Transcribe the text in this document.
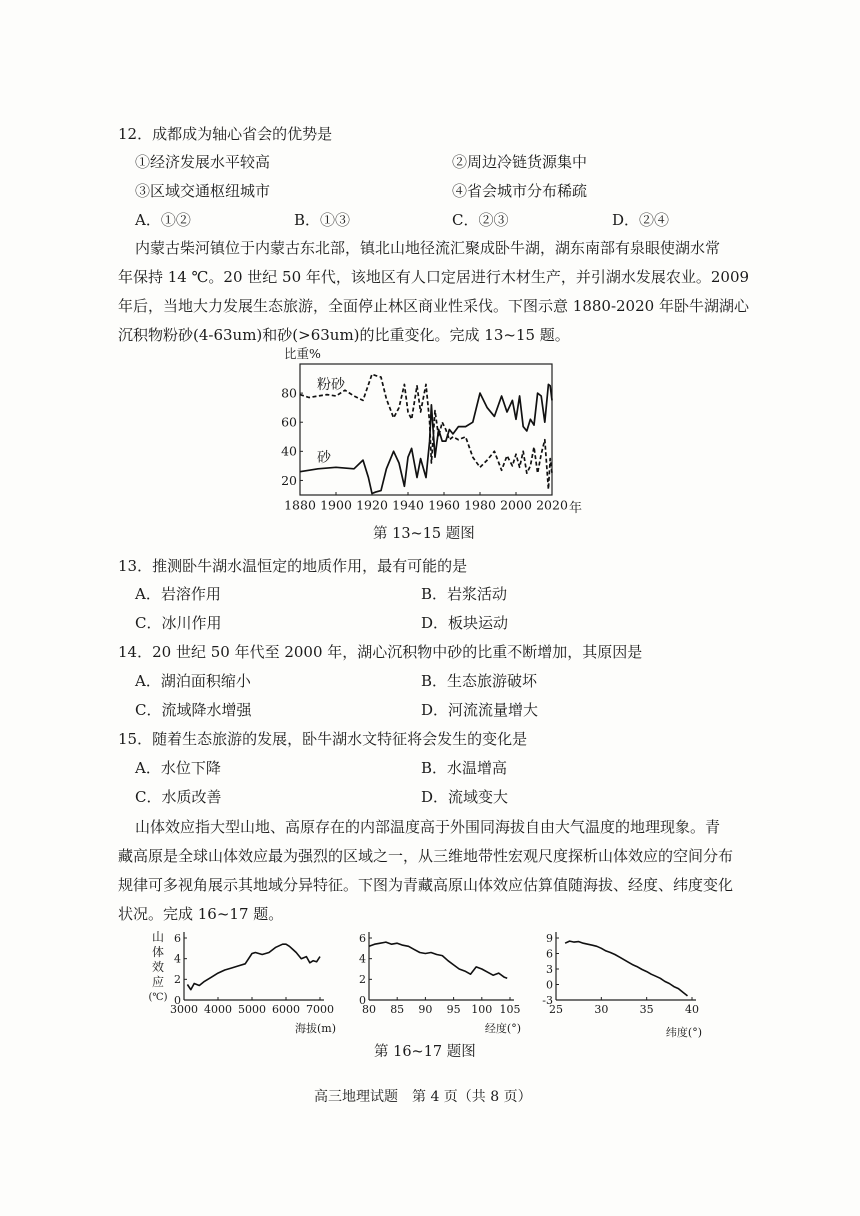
12．成都成为轴心省会的优势是
①经济发展水平较高	②周边冷链货源集中
③区域交通枢纽城市	④省会城市分布稀疏
A．①②	B．①③	C．②③	D．②④
内蒙古柴河镇位于内蒙古东北部，镇北山地径流汇聚成卧牛湖，湖东南部有泉眼使湖水常
年保持 14 ℃。20 世纪 50 年代，该地区有人口定居进行木材生产，并引湖水发展农业。2009
年后，当地大力发展生态旅游，全面停止林区商业性采伐。下图示意 1880-2020 年卧牛湖湖心
沉积物粉砂(4-63um)和砂(>63um)的比重变化。完成 13~15 题。
1880 1900 1920 1940 1960 1980 2000 2020
20
40
60
80
年
比重%
粉砂
砂
第 13~15 题图
13．推测卧牛湖水温恒定的地质作用，最有可能的是
A．岩溶作用	B．岩浆活动
C．冰川作用	D．板块运动
14．20 世纪 50 年代至 2000 年，湖心沉积物中砂的比重不断增加，其原因是
A．湖泊面积缩小	B．生态旅游破坏
C．流域降水增强	D．河流流量增大
15．随着生态旅游的发展，卧牛湖水文特征将会发生的变化是
A．水位下降	B．水温增高
C．水质改善	D．流域变大
山体效应指大型山地、高原存在的内部温度高于外围同海拔自由大气温度的地理现象。青
藏高原是全球山体效应最为强烈的区域之一，从三维地带性宏观尺度探析山体效应的空间分布
规律可多视角展示其地域分异特征。下图为青藏高原山体效应估算值随海拔、经度、纬度变化
状况。完成 16~17 题。
山
体
效
应
(℃)
3000 4000 5000 6000 7000
0
2
4
6
海拔(m)
80 85 90 95 100 105
0
2
4
6
经度(°)
25	30	35	40
-3
0
3
6
9
纬度(°)
第 16~17 题图
高三地理试题　第 4 页（共 8 页）
